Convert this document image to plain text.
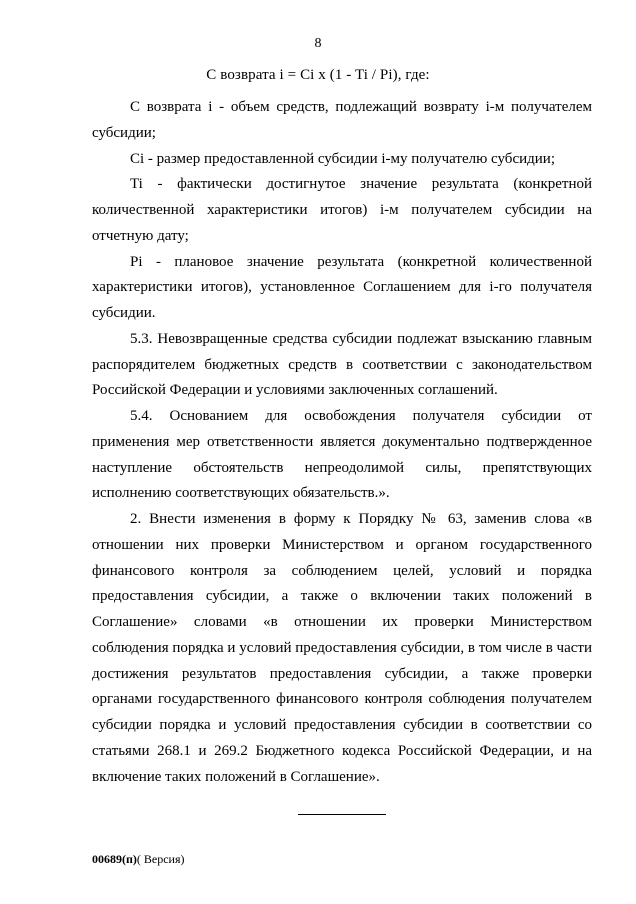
8
С возврата i = Ci x (1 - Ti / Pi), где:

С возврата i - объем средств, подлежащий возврату i-м получателем субсидии;

Ci - размер предоставленной субсидии i-му получателю субсидии;

Ti - фактически достигнутое значение результата (конкретной количественной характеристики итогов) i-м получателем субсидии на отчетную дату;

Pi - плановое значение результата (конкретной количественной характеристики итогов), установленное Соглашением для i-го получателя субсидии.

5.3. Невозвращенные средства субсидии подлежат взысканию главным распорядителем бюджетных средств в соответствии с законодательством Российской Федерации и условиями заключенных соглашений.

5.4. Основанием для освобождения получателя субсидии от применения мер ответственности является документально подтвержденное наступление обстоятельств непреодолимой силы, препятствующих исполнению соответствующих обязательств.».

2. Внести изменения в форму к Порядку № 63, заменив слова «в отношении них проверки Министерством и органом государственного финансового контроля за соблюдением целей, условий и порядка предоставления субсидии, а также о включении таких положений в Соглашение» словами «в отношении их проверки Министерством соблюдения порядка и условий предоставления субсидии, в том числе в части достижения результатов предоставления субсидии, а также проверки органами государственного финансового контроля соблюдения получателем субсидии порядка и условий предоставления субсидии в соответствии со статьями 268.1 и 269.2 Бюджетного кодекса Российской Федерации, и на включение таких положений в Соглашение».

00689(п)( Версия)
